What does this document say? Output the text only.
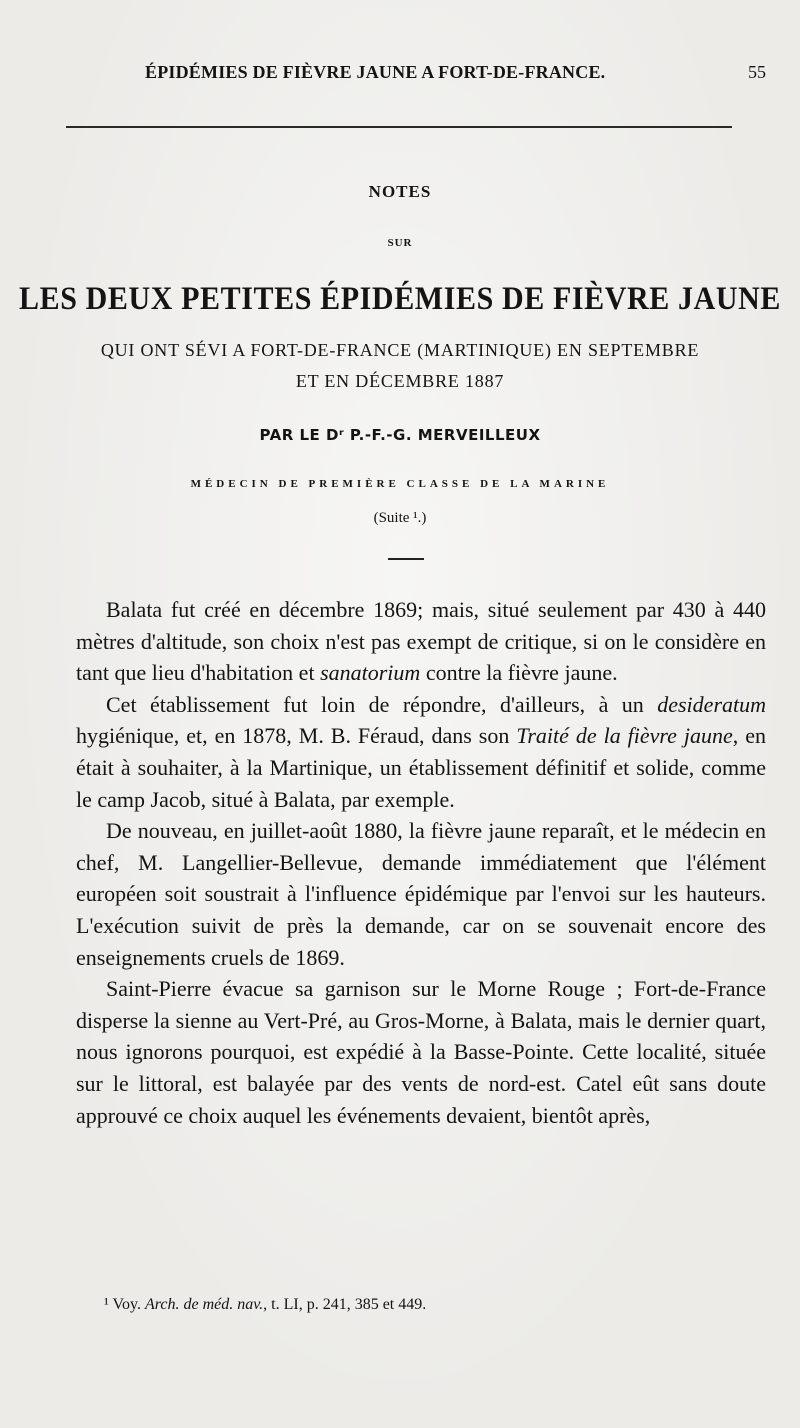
ÉPIDÉMIES DE FIÈVRE JAUNE A FORT-DE-FRANCE.	55
NOTES
SUR
LES DEUX PETITES ÉPIDÉMIES DE FIÈVRE JAUNE
QUI ONT SÉVI A FORT-DE-FRANCE (MARTINIQUE) EN SEPTEMBRE
ET EN DÉCEMBRE 1887
PAR LE Dʳ P.-F.-G. MERVEILLEUX
MÉDECIN DE PREMIÈRE CLASSE DE LA MARINE
(Suite ¹.)

Balata fut créé en décembre 1869; mais, situé seulement par 430 à 440 mètres d'altitude, son choix n'est pas exempt de critique, si on le considère en tant que lieu d'habitation et sanatorium contre la fièvre jaune.

Cet établissement fut loin de répondre, d'ailleurs, à un desideratum hygiénique, et, en 1878, M. B. Féraud, dans son Traité de la fièvre jaune, en était à souhaiter, à la Martinique, un établissement définitif et solide, comme le camp Jacob, situé à Balata, par exemple.

De nouveau, en juillet-août 1880, la fièvre jaune reparaît, et le médecin en chef, M. Langellier-Bellevue, demande immédiatement que l'élément européen soit soustrait à l'influence épidémique par l'envoi sur les hauteurs. L'exécution suivit de près la demande, car on se souvenait encore des enseignements cruels de 1869.

Saint-Pierre évacue sa garnison sur le Morne Rouge ; Fort-de-France disperse la sienne au Vert-Pré, au Gros-Morne, à Balata, mais le dernier quart, nous ignorons pourquoi, est expédié à la Basse-Pointe. Cette localité, située sur le littoral, est balayée par des vents de nord-est. Catel eût sans doute approuvé ce choix auquel les événements devaient, bientôt après,

¹ Voy. Arch. de méd. nav., t. LI, p. 241, 385 et 449.
